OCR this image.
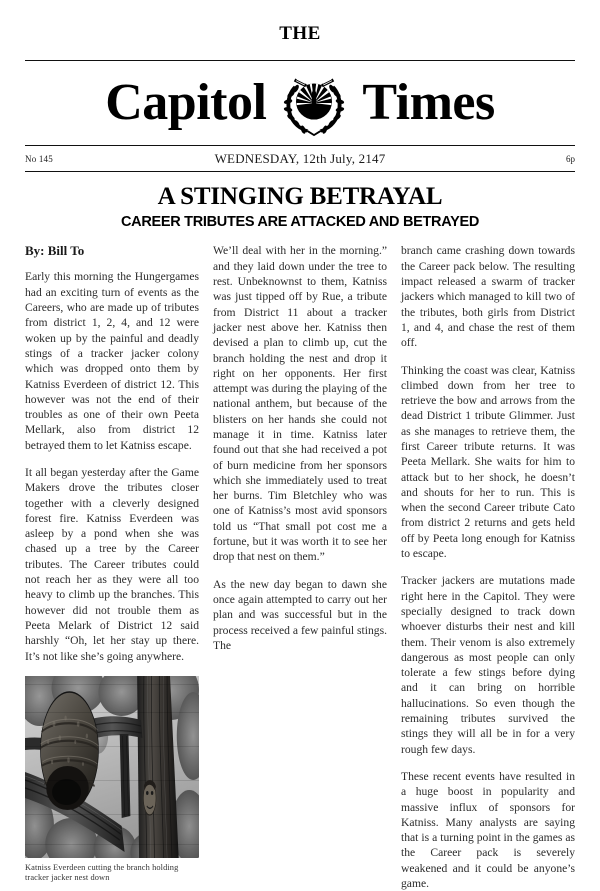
THE
Capitol Times
No 145	WEDNESDAY, 12th July, 2147	6p
A STINGING BETRAYAL
CAREER TRIBUTES ARE ATTACKED AND BETRAYED
By: Bill To

Early this morning the Hungergames had an exciting turn of events as the Careers, who are made up of tributes from district 1, 2, 4, and 12 were woken up by the painful and deadly stings of a tracker jacker colony which was dropped onto them by Katniss Everdeen of district 12. This however was not the end of their troubles as one of their own Peeta Mellark, also from district 12 betrayed them to let Katniss escape.

It all began yesterday after the Game Makers drove the tributes closer together with a cleverly designed forest fire. Katniss Everdeen was asleep by a pond when she was chased up a tree by the Career tributes. The Career tributes could not reach her as they were all too heavy to climb up the branches. This however did not trouble them as Peeta Melark of District 12 said harshly “Oh, let her stay up there. It’s not like she’s going anywhere.

Katniss Everdeen cutting the branch holding tracker jacker nest down

We’ll deal with her in the morning.” and they laid down under the tree to rest. Unbeknownst to them, Katniss was just tipped off by Rue, a tribute from District 11 about a tracker jacker nest above her. Katniss then devised a plan to climb up, cut the branch holding the nest and drop it right on her opponents. Her first attempt was during the playing of the national anthem, but because of the blisters on her hands she could not manage it in time. Katniss later found out that she had received a pot of burn medicine from her sponsors which she immediately used to treat her burns. Tim Bletchley who was one of Katniss’s most avid sponsors told us “That small pot cost me a fortune, but it was worth it to see her drop that nest on them.”

As the new day began to dawn she once again attempted to carry out her plan and was successful but in the process received a few painful stings. The

branch came crashing down towards the Career pack below. The resulting impact released a swarm of tracker jackers which managed to kill two of the tributes, both girls from District 1, and 4, and chase the rest of them off.

Thinking the coast was clear, Katniss climbed down from her tree to retrieve the bow and arrows from the dead District 1 tribute Glimmer. Just as she manages to retrieve them, the first Career tribute returns. It was Peeta Mellark. She waits for him to attack but to her shock, he doesn’t and shouts for her to run. This is when the second Career tribute Cato from district 2 returns and gets held off by Peeta long enough for Katniss to escape.

Tracker jackers are mutations made right here in the Capitol. They were specially designed to track down whoever disturbs their nest and kill them. Their venom is also extremely dangerous as most people can only tolerate a few stings before dying and it can bring on horrible hallucinations. So even though the remaining tributes survived the stings they will all be in for a very rough few days.

These recent events have resulted in a huge boost in popularity and massive influx of sponsors for Katniss. Many analysts are saying that is a turning point in the games as the Career pack is severely weakened and it could be anyone’s game.
